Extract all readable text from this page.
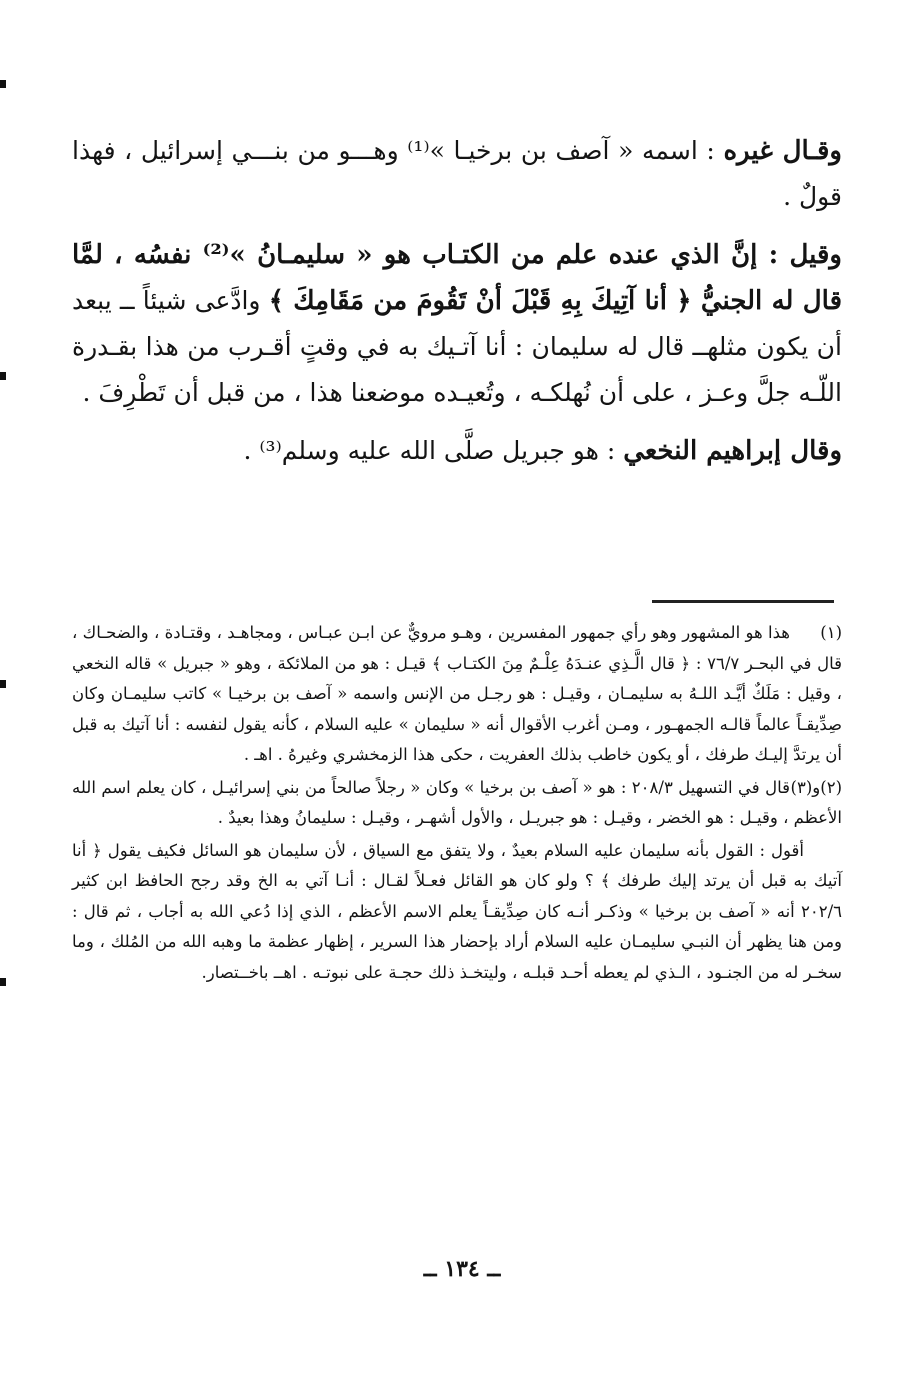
وقـال غيره : اسمه « آصف بن برخيـا »⁽¹⁾ وهـــو من بنـــي إسرائيل ، فهذا قولٌ .

وقيل : إنَّ الذي عنده علم من الكتـاب هو « سليمـانُ »⁽²⁾ نفسُه ، لمَّا قال له الجنيُّ ﴿ أنا آتِيكَ بِهِ قَبْلَ أنْ تَقُومَ من مَقَامِكَ ﴾ وادَّعى شيئاً ــ يبعد أن يكون مثلهــ قال له سليمان : أنا آتـيك به في وقتٍ أقـرب من هذا بقـدرة اللّـه جلَّ وعـز ، على أن نُهلكـه ، وتُعيـده موضعنا هذا ، من قبل أن تَطْرِفَ .

وقال إبراهيم النخعي : هو جبريل صلَّى الله عليه وسلم⁽³⁾ .

(١)هذا هو المشهور وهو رأي جمهور المفسرين ، وهـو مرويٌّ عن ابـن عبـاس ، ومجاهـد ، وقتـادة ، والضحـاك ، قال في البحـر ٧٦/٧ : ﴿ قال الَّـذِي عنـدَهُ عِلْـمٌ مِنَ الكتـاب ﴾ قيـل : هو من الملائكة ، وهو « جبريل » قاله النخعي ، وقيل : مَلَكٌ أيَّـد اللـهُ به سليمـان ، وقيـل : هو رجـل من الإنس واسمه « آصف بن برخيـا » كاتب سليمـان وكان صِدِّيقـاً عالماً قالـه الجمهـور ، ومـن أغرب الأقوال أنه « سليمان » عليه السلام ، كأنه يقول لنفسه : أنا آتيك به قبل أن يرتدَّ إليـك طرفك ، أو يكون خاطب بذلك العفريت ، حكى هذا الزمخشري وغيرهُ . اهـ .

(٢)و(٣)قال في التسهيل ٢٠٨/٣ : هو « آصف بن برخيا » وكان « رجلاً صالحاً من بني إسرائيـل ، كان يعلم اسم الله الأعظم ، وقيـل : هو الخضر ، وقيـل : هو جبريـل ، والأول أشهـر ، وقيـل : سليمانُ وهذا بعيدٌ .

أقول : القول بأنه سليمان عليه السلام بعيدٌ ، ولا يتفق مع السياق ، لأن سليمان هو السائل فكيف يقول ﴿ أنا آتيك به قبل أن يرتد إليك طرفك ﴾ ؟ ولو كان هو القائل فعـلاً لقـال : أنـا آتي به الخ وقد رجح الحافظ ابن كثير ٢٠٢/٦ أنه « آصف بن برخيا » وذكـر أنـه كان صِدِّيقـاً يعلم الاسم الأعظم ، الذي إذا دُعي الله به أجاب ، ثم قال : ومن هنا يظهر أن النبـي سليمـان عليه السلام أراد بإحضار هذا السرير ، إظهار عظمة ما وهبه الله من المُلك ، وما سخـر له من الجنـود ، الـذي لم يعطه أحـد قبلـه ، وليتخـذ ذلك حجـة على نبوتـه . اهــ باخــتصار.

ــ ١٣٤ ــ
